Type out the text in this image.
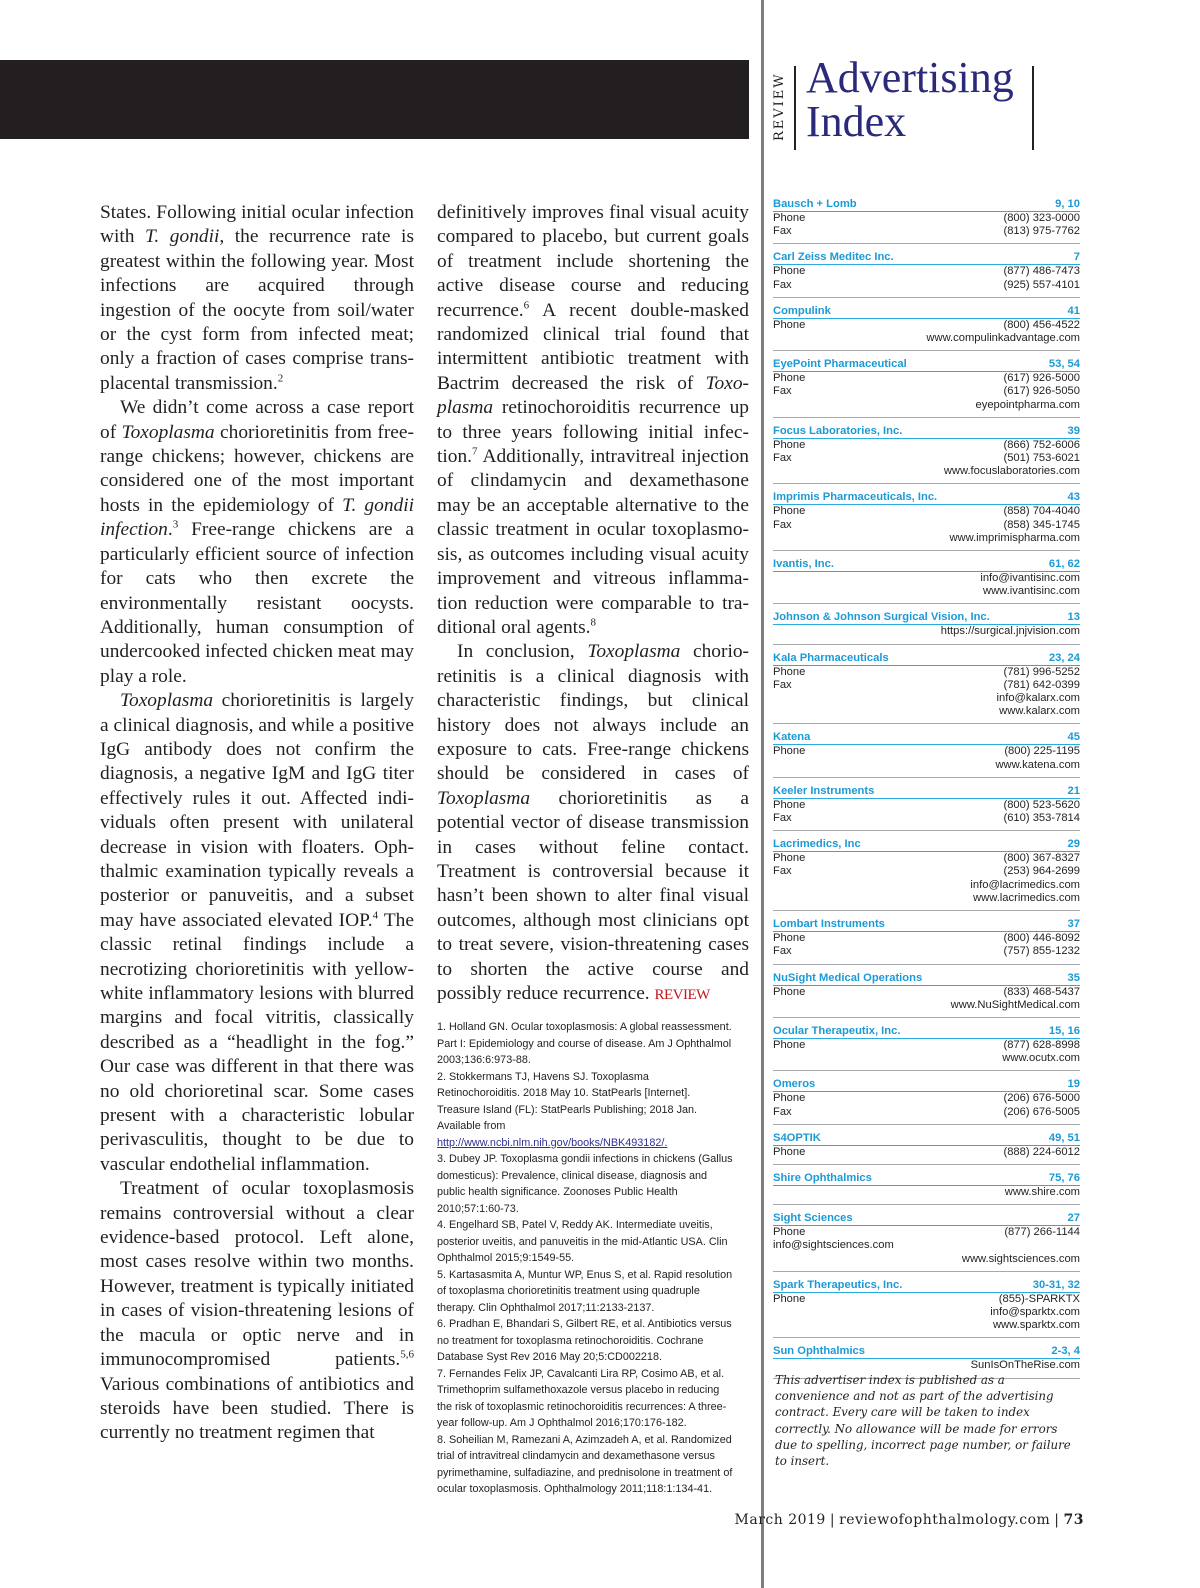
REVIEW Advertising
Index

States. Following initial ocular infection with T. gondii, the recurrence rate is greatest within the following year. Most infections are acquired through ingestion of the oocyte from soil/water or the cyst form from infected meat; only a fraction of cases comprise transplacental transmission.$^2$

We didn’t come across a case report of Toxoplasma chorioretinitis from free-range chickens; however, chickens are considered one of the most important hosts in the epidemiology of T. gondii infection.$^3$ Free-range chickens are a particularly efficient source of infection for cats who then excrete the environmentally resistant oocysts. Additionally, human consumption of undercooked infected chicken meat may play a role.

Toxoplasma chorioretinitis is largely a clinical diagnosis, and while a positive IgG antibody does not confirm the diagnosis, a negative IgM and IgG titer effectively rules it out. Affected individuals often present with unilateral decrease in vision with floaters. Ophthalmic examination typically reveals a posterior or panuveitis, and a subset may have associated elevated IOP.$^4$ The classic retinal findings include a necrotizing chorioretinitis with yellow-white inflammatory lesions with blurred margins and focal vitritis, classically described as a “headlight in the fog.” Our case was different in that there was no old chorioretinal scar. Some cases present with a characteristic lobular perivasculitis, thought to be due to vascular endothelial inflammation.

Treatment of ocular toxoplasmosis remains controversial without a clear evidence-based protocol. Left alone, most cases resolve within two months. However, treatment is typically initiated in cases of vision-threatening lesions of the macula or optic nerve and in immunocompromised patients.$^{5,6}$ Various combinations of antibiotics and steroids have been studied. There is currently no treatment regimen that

definitively improves final visual acuity compared to placebo, but current goals of treatment include shortening the active disease course and reducing recurrence.$^6$ A recent double-masked randomized clinical trial found that intermittent antibiotic treatment with Bactrim decreased the risk of Toxoplasma retinochoroiditis recurrence up to three years following initial infection.$^7$ Additionally, intravitreal injection of clindamycin and dexamethasone may be an acceptable alternative to the classic treatment in ocular toxoplasmosis, as outcomes including visual acuity improvement and vitreous inflammation reduction were comparable to traditional oral agents.$^8$

In conclusion, Toxoplasma chorioretinitis is a clinical diagnosis with characteristic findings, but clinical history does not always include an exposure to cats. Free-range chickens should be considered in cases of Toxoplasma chorioretinitis as a potential vector of disease transmission in cases without feline contact. Treatment is controversial because it hasn’t been shown to alter final visual outcomes, although most clinicians opt to treat severe, vision-threatening cases to shorten the active course and possibly reduce recurrence. REVIEW

1. Holland GN. Ocular toxoplasmosis: A global reassessment. Part I: Epidemiology and course of disease. Am J Ophthalmol 2003;136:6:973-88.

2. Stokkermans TJ, Havens SJ. Toxoplasma Retinochoroiditis. 2018 May 10. StatPearls [Internet]. Treasure Island (FL): StatPearls Publishing; 2018 Jan. Available from http://www.ncbi.nlm.nih.gov/books/NBK493182/.

3. Dubey JP. Toxoplasma gondii infections in chickens (Gallus domesticus): Prevalence, clinical disease, diagnosis and public health significance. Zoonoses Public Health 2010;57:1:60-73.

4. Engelhard SB, Patel V, Reddy AK. Intermediate uveitis, posterior uveitis, and panuveitis in the mid-Atlantic USA. Clin Ophthalmol 2015;9:1549-55.

5. Kartasasmita A, Muntur WP, Enus S, et al. Rapid resolution of toxoplasma chorioretinitis treatment using quadruple therapy. Clin Ophthalmol 2017;11:2133-2137.

6. Pradhan E, Bhandari S, Gilbert RE, et al. Antibiotics versus no treatment for toxoplasma retinochoroiditis. Cochrane Database Syst Rev 2016 May 20;5:CD002218.

7. Fernandes Felix JP, Cavalcanti Lira RP, Cosimo AB, et al. Trimethoprim sulfamethoxazole versus placebo in reducing the risk of toxoplasmic retinochoroiditis recurrences: A three-year follow-up. Am J Ophthalmol 2016;170:176-182.

8. Soheilian M, Ramezani A, Azimzadeh A, et al. Randomized trial of intravitreal clindamycin and dexamethasone versus pyrimethamine, sulfadiazine, and prednisolone in treatment of ocular toxoplasmosis. Ophthalmology 2011;118:1:134-41.

Bausch + Lomb	9, 10
Phone	(800) 323-0000
Fax	(813) 975-7762
Carl Zeiss Meditec Inc.	7
Phone	(877) 486-7473
Fax	(925) 557-4101
Compulink	41
Phone	(800) 456-4522
www.compulinkadvantage.com
EyePoint Pharmaceutical	53, 54
Phone	(617) 926-5000
Fax	(617) 926-5050
eyepointpharma.com
Focus Laboratories, Inc.	39
Phone	(866) 752-6006
Fax	(501) 753-6021
www.focuslaboratories.com
Imprimis Pharmaceuticals, Inc.	43
Phone	(858) 704-4040
Fax	(858) 345-1745
www.imprimispharma.com
Ivantis, Inc.	61, 62
info@ivantisinc.com
www.ivantisinc.com
Johnson & Johnson Surgical Vision, Inc.	13
https://surgical.jnjvision.com
Kala Pharmaceuticals	23, 24
Phone	(781) 996-5252
Fax	(781) 642-0399
info@kalarx.com
www.kalarx.com
Katena	45
Phone	(800) 225-1195
www.katena.com
Keeler Instruments	21
Phone	(800) 523-5620
Fax	(610) 353-7814
Lacrimedics, Inc	29
Phone	(800) 367-8327
Fax	(253) 964-2699
info@lacrimedics.com
www.lacrimedics.com
Lombart Instruments	37
Phone	(800) 446-8092
Fax	(757) 855-1232
NuSight Medical Operations	35
Phone	(833) 468-5437
www.NuSightMedical.com
Ocular Therapeutix, Inc.	15, 16
Phone	(877) 628-8998
www.ocutx.com
Omeros	19
Phone	(206) 676-5000
Fax	(206) 676-5005
S4OPTIK	49, 51
Phone	(888) 224-6012
Shire Ophthalmics	75, 76
www.shire.com
Sight Sciences	27
Phone	(877) 266-1144
info@sightsciences.com
www.sightsciences.com
Spark Therapeutics, Inc.	30-31, 32
Phone	(855)-SPARKTX
info@sparktx.com
www.sparktx.com
Sun Ophthalmics	2-3, 4
SunIsOnTheRise.com
This advertiser index is published as a convenience and not as part of the advertising contract. Every care will be taken to index correctly. No allowance will be made for errors due to spelling, incorrect page number, or failure to insert.
March 2019 | reviewofophthalmology.com | 73
